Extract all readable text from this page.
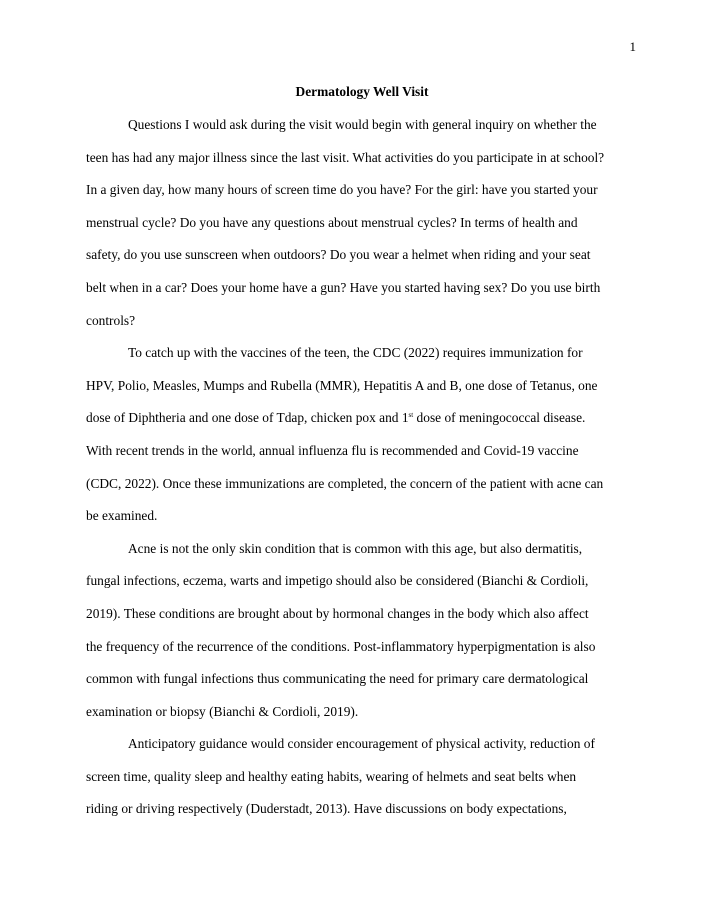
1

Dermatology Well Visit

Questions I would ask during the visit would begin with general inquiry on whether the
teen has had any major illness since the last visit. What activities do you participate in at school?
In a given day, how many hours of screen time do you have? For the girl: have you started your
menstrual cycle? Do you have any questions about menstrual cycles? In terms of health and
safety, do you use sunscreen when outdoors? Do you wear a helmet when riding and your seat
belt when in a car? Does your home have a gun? Have you started having sex? Do you use birth
controls?
To catch up with the vaccines of the teen, the CDC (2022) requires immunization for
HPV, Polio, Measles, Mumps and Rubella (MMR), Hepatitis A and B, one dose of Tetanus, one
dose of Diphtheria and one dose of Tdap, chicken pox and 1st dose of meningococcal disease.
With recent trends in the world, annual influenza flu is recommended and Covid-19 vaccine
(CDC, 2022). Once these immunizations are completed, the concern of the patient with acne can
be examined.
Acne is not the only skin condition that is common with this age, but also dermatitis,
fungal infections, eczema, warts and impetigo should also be considered (Bianchi & Cordioli,
2019). These conditions are brought about by hormonal changes in the body which also affect
the frequency of the recurrence of the conditions. Post-inflammatory hyperpigmentation is also
common with fungal infections thus communicating the need for primary care dermatological
examination or biopsy (Bianchi & Cordioli, 2019).
Anticipatory guidance would consider encouragement of physical activity, reduction of
screen time, quality sleep and healthy eating habits, wearing of helmets and seat belts when
riding or driving respectively (Duderstadt, 2013). Have discussions on body expectations,
